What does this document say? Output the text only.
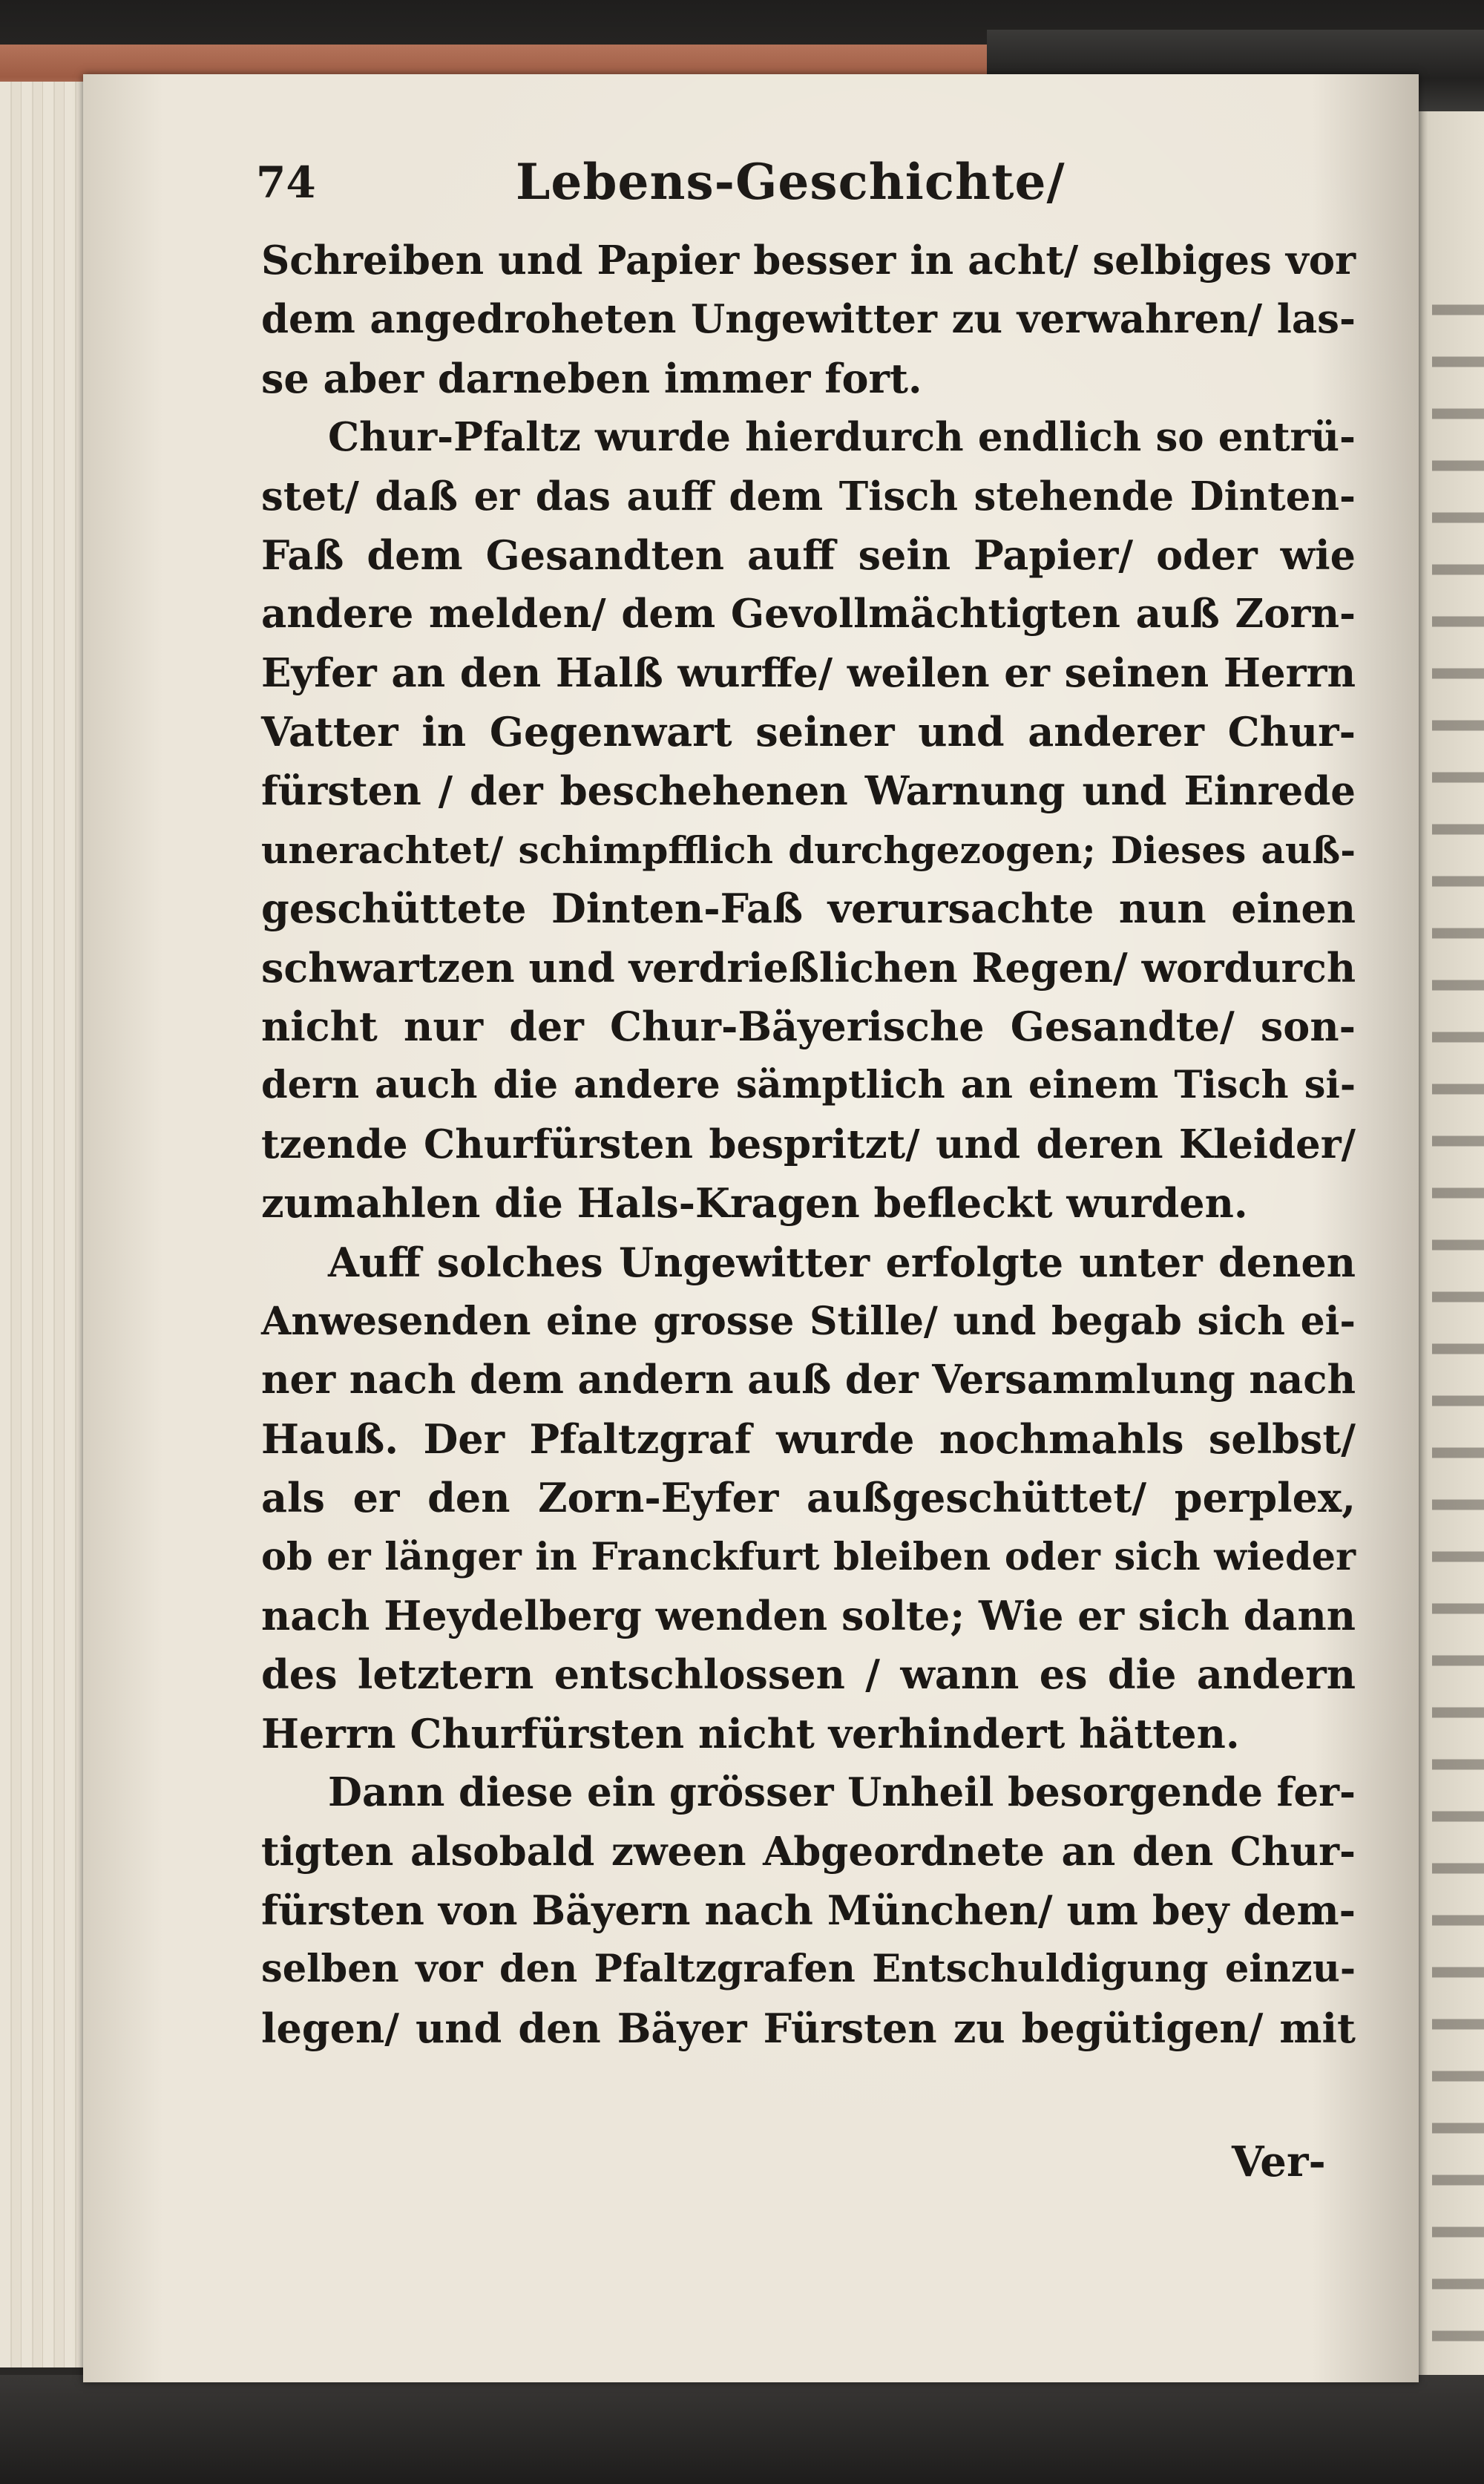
74	Lebens-Geschichte/
Schreiben und Papier besser in acht/ selbiges vor
dem angedroheten Ungewitter zu verwahren/ las-
se aber darneben immer fort.
Chur-Pfaltz wurde hierdurch endlich so entrü-
stet/ daß er das auff dem Tisch stehende Dinten-
Faß dem Gesandten auff sein Papier/ oder wie
andere melden/ dem Gevollmächtigten auß Zorn-
Eyfer an den Halß wurffe/ weilen er seinen Herrn
Vatter in Gegenwart seiner und anderer Chur-
fürsten / der beschehenen Warnung und Einrede
unerachtet/ schimpfflich durchgezogen; Dieses auß-
geschüttete Dinten-Faß verursachte nun einen
schwartzen und verdrießlichen Regen/ wordurch
nicht nur der Chur-Bäyerische Gesandte/ son-
dern auch die andere sämptlich an einem Tisch si-
tzende Churfürsten bespritzt/ und deren Kleider/
zumahlen die Hals-Kragen befleckt wurden.
Auff solches Ungewitter erfolgte unter denen
Anwesenden eine grosse Stille/ und begab sich ei-
ner nach dem andern auß der Versammlung nach
Hauß. Der Pfaltzgraf wurde nochmahls selbst/
als er den Zorn-Eyfer außgeschüttet/ perplex,
ob er länger in Franckfurt bleiben oder sich wieder
nach Heydelberg wenden solte; Wie er sich dann
des letztern entschlossen / wann es die andern
Herrn Churfürsten nicht verhindert hätten.
Dann diese ein grösser Unheil besorgende fer-
tigten alsobald zween Abgeordnete an den Chur-
fürsten von Bäyern nach München/ um bey dem-
selben vor den Pfaltzgrafen Entschuldigung einzu-
legen/ und den Bäyer Fürsten zu begütigen/ mit
Ver-
